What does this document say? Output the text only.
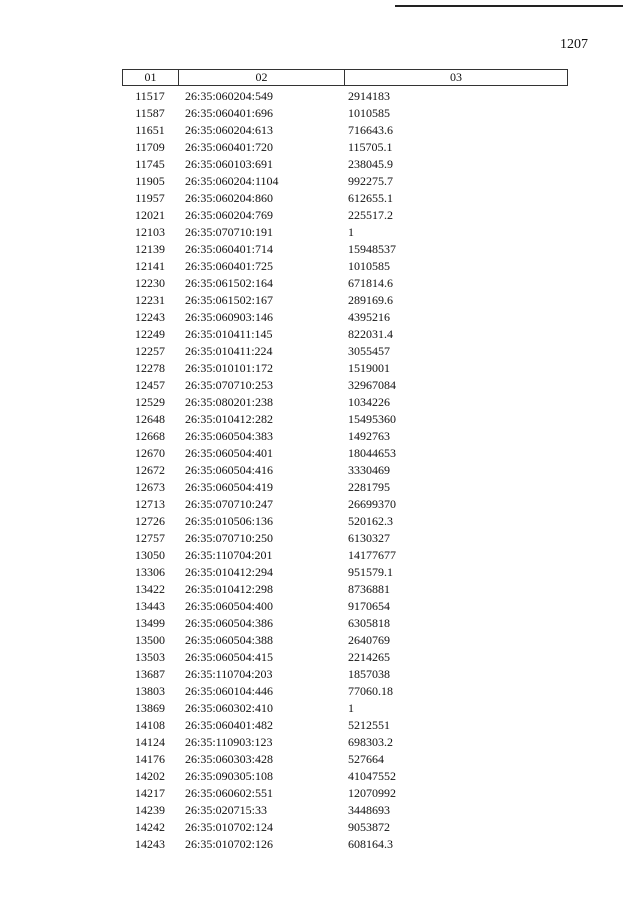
1207
01	02	03
11517	26:35:060204:549	2914183
11587	26:35:060401:696	1010585
11651	26:35:060204:613	716643.6
11709	26:35:060401:720	115705.1
11745	26:35:060103:691	238045.9
11905	26:35:060204:1104	992275.7
11957	26:35:060204:860	612655.1
12021	26:35:060204:769	225517.2
12103	26:35:070710:191	1
12139	26:35:060401:714	15948537
12141	26:35:060401:725	1010585
12230	26:35:061502:164	671814.6
12231	26:35:061502:167	289169.6
12243	26:35:060903:146	4395216
12249	26:35:010411:145	822031.4
12257	26:35:010411:224	3055457
12278	26:35:010101:172	1519001
12457	26:35:070710:253	32967084
12529	26:35:080201:238	1034226
12648	26:35:010412:282	15495360
12668	26:35:060504:383	1492763
12670	26:35:060504:401	18044653
12672	26:35:060504:416	3330469
12673	26:35:060504:419	2281795
12713	26:35:070710:247	26699370
12726	26:35:010506:136	520162.3
12757	26:35:070710:250	6130327
13050	26:35:110704:201	14177677
13306	26:35:010412:294	951579.1
13422	26:35:010412:298	8736881
13443	26:35:060504:400	9170654
13499	26:35:060504:386	6305818
13500	26:35:060504:388	2640769
13503	26:35:060504:415	2214265
13687	26:35:110704:203	1857038
13803	26:35:060104:446	77060.18
13869	26:35:060302:410	1
14108	26:35:060401:482	5212551
14124	26:35:110903:123	698303.2
14176	26:35:060303:428	527664
14202	26:35:090305:108	41047552
14217	26:35:060602:551	12070992
14239	26:35:020715:33	3448693
14242	26:35:010702:124	9053872
14243	26:35:010702:126	608164.3
